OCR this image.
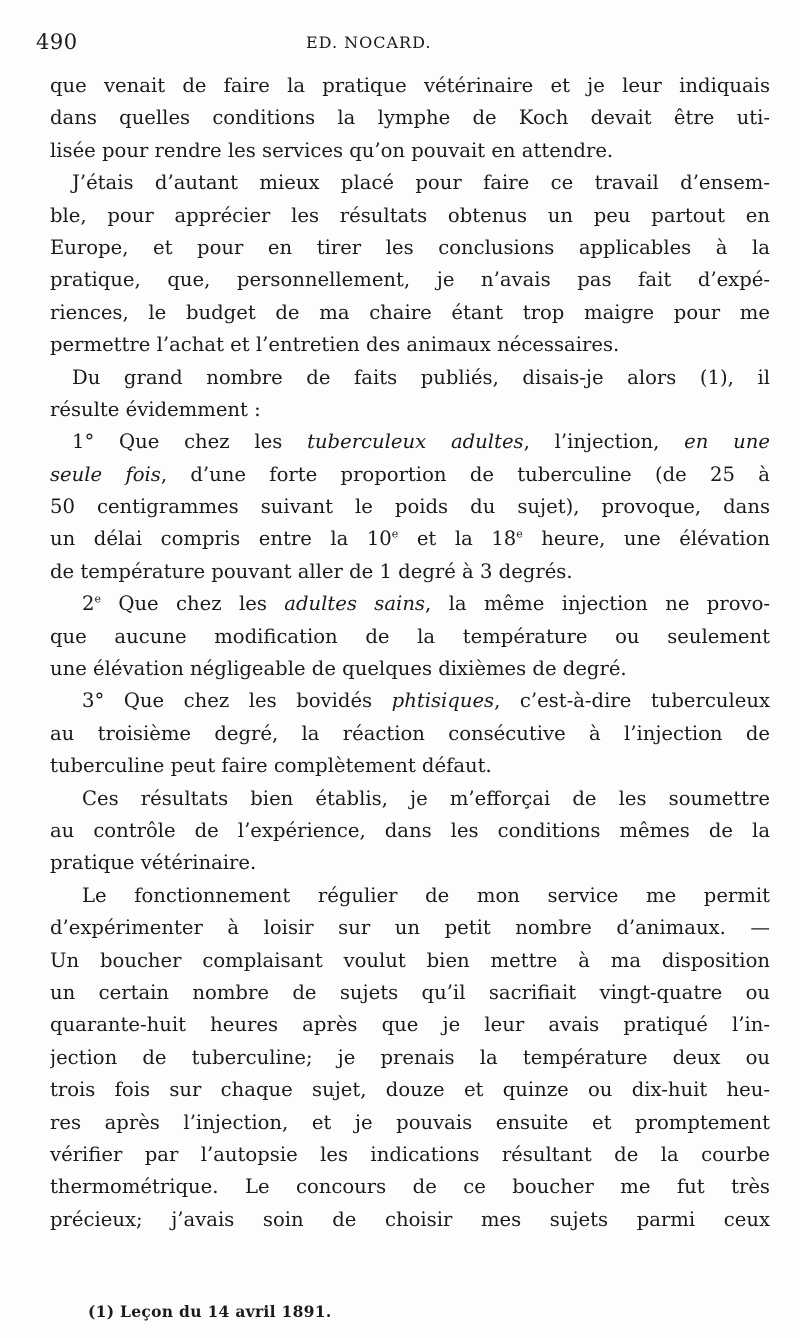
490	ED. NOCARD.
que venait de faire la pratique vétérinaire et je leur indiquais
dans quelles conditions la lymphe de Koch devait être uti-
lisée pour rendre les services qu’on pouvait en attendre.
J’étais d’autant mieux placé pour faire ce travail d’ensem-
ble, pour apprécier les résultats obtenus un peu partout en
Europe, et pour en tirer les conclusions applicables à la
pratique, que, personnellement, je n’avais pas fait d’expé-
riences, le budget de ma chaire étant trop maigre pour me
permettre l’achat et l’entretien des animaux nécessaires.
Du grand nombre de faits publiés, disais-je alors (1), il
résulte évidemment :
1° Que chez les tuberculeux adultes, l’injection, en une
seule fois, d’une forte proportion de tuberculine (de 25 à
50 centigrammes suivant le poids du sujet), provoque, dans
un délai compris entre la 10e et la 18e heure, une élévation
de température pouvant aller de 1 degré à 3 degrés.
2e Que chez les adultes sains, la même injection ne provo-
que aucune modification de la température ou seulement
une élévation négligeable de quelques dixièmes de degré.
3° Que chez les bovidés phtisiques, c’est-à-dire tuberculeux
au troisième degré, la réaction consécutive à l’injection de
tuberculine peut faire complètement défaut.
Ces résultats bien établis, je m’efforçai de les soumettre
au contrôle de l’expérience, dans les conditions mêmes de la
pratique vétérinaire.
Le fonctionnement régulier de mon service me permit
d’expérimenter à loisir sur un petit nombre d’animaux. —
Un boucher complaisant voulut bien mettre à ma disposition
un certain nombre de sujets qu’il sacrifiait vingt-quatre ou
quarante-huit heures après que je leur avais pratiqué l’in-
jection de tuberculine; je prenais la température deux ou
trois fois sur chaque sujet, douze et quinze ou dix-huit heu-
res après l’injection, et je pouvais ensuite et promptement
vérifier par l’autopsie les indications résultant de la courbe
thermométrique. Le concours de ce boucher me fut très
précieux; j’avais soin de choisir mes sujets parmi ceux
(1) Leçon du 14 avril 1891.
